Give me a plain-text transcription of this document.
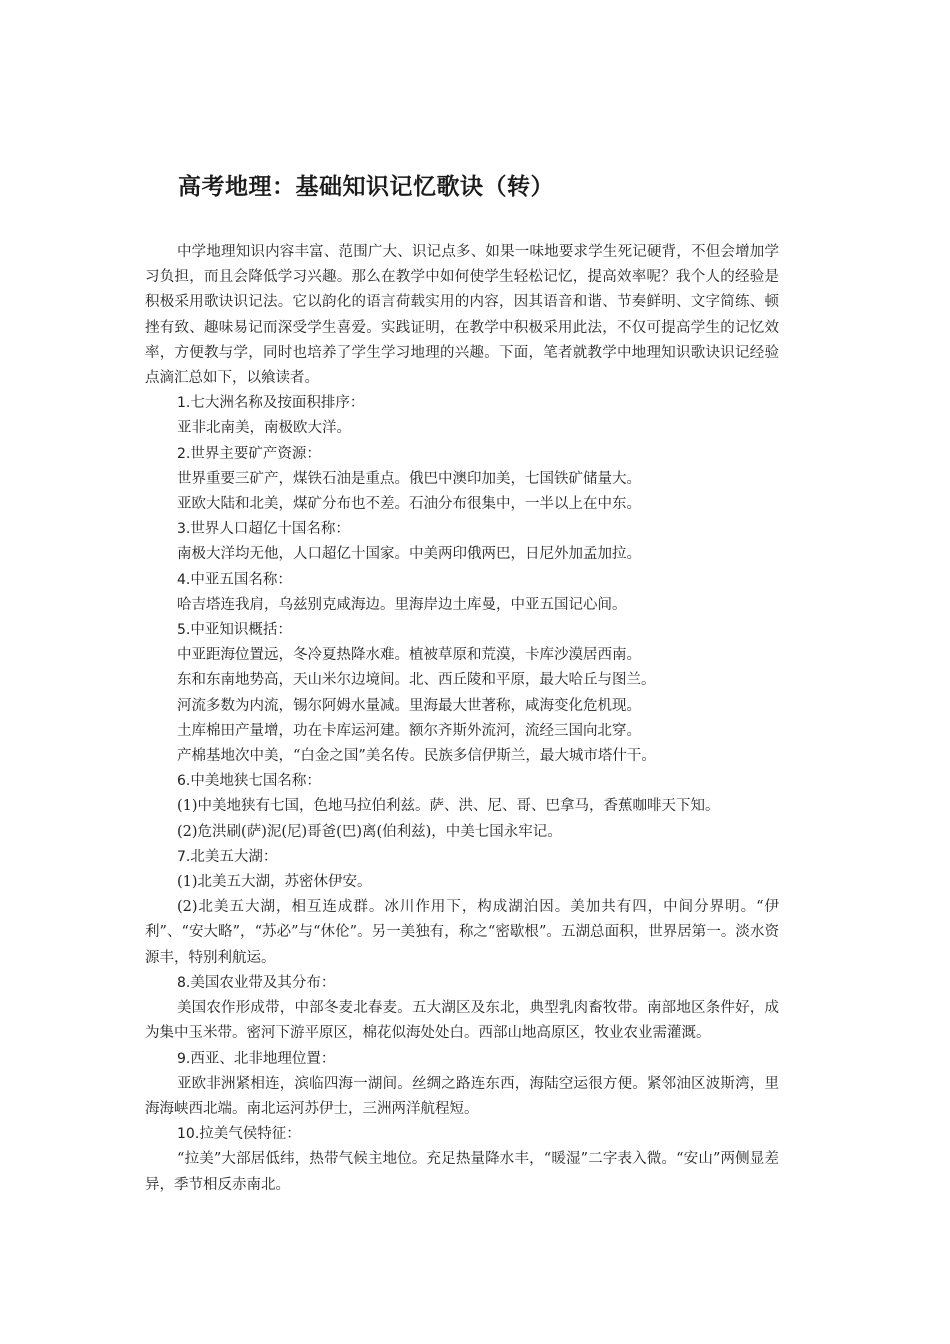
高考地理：基础知识记忆歌诀（转）

中学地理知识内容丰富、范围广大、识记点多、如果一味地要求学生死记硬背，不但会增加学习负担，而且会降低学习兴趣。那么在教学中如何使学生轻松记忆，提高效率呢？我个人的经验是积极采用歌诀识记法。它以韵化的语言荷载实用的内容，因其语音和谐、节奏鲜明、文字简练、顿挫有致、趣味易记而深受学生喜爱。实践证明，在教学中积极采用此法，不仅可提高学生的记忆效率，方便教与学，同时也培养了学生学习地理的兴趣。下面，笔者就教学中地理知识歌诀识记经验点滴汇总如下，以飨读者。

1.七大洲名称及按面积排序：

亚非北南美，南极欧大洋。

2.世界主要矿产资源：

世界重要三矿产，煤铁石油是重点。俄巴中澳印加美，七国铁矿储量大。

亚欧大陆和北美，煤矿分布也不差。石油分布很集中，一半以上在中东。

3.世界人口超亿十国名称：

南极大洋均无他，人口超亿十国家。中美两印俄两巴，日尼外加孟加拉。

4.中亚五国名称：

哈吉塔连我肩，乌兹别克咸海边。里海岸边土库曼，中亚五国记心间。

5.中亚知识概括：

中亚距海位置远，冬冷夏热降水难。植被草原和荒漠，卡库沙漠居西南。

东和东南地势高，天山米尔边境间。北、西丘陵和平原，最大哈丘与图兰。

河流多数为内流，锡尔阿姆水量减。里海最大世著称，咸海变化危机现。

土库棉田产量增，功在卡库运河建。额尔齐斯外流河，流经三国向北穿。

产棉基地次中美，“白金之国”美名传。民族多信伊斯兰，最大城市塔什干。

6.中美地狭七国名称：

(1)中美地狭有七国，色地马拉伯利兹。萨、洪、尼、哥、巴拿马，香蕉咖啡天下知。

(2)危洪刷(萨)泥(尼)哥爸(巴)离(伯利兹)，中美七国永牢记。

7.北美五大湖：

(1)北美五大湖，苏密休伊安。

(2)北美五大湖，相互连成群。冰川作用下，构成湖泊因。美加共有四，中间分界明。“伊利”、“安大略”，“苏必”与“休伦”。另一美独有，称之“密歇根”。五湖总面积，世界居第一。淡水资源丰，特别利航运。

8.美国农业带及其分布：

美国农作形成带，中部冬麦北春麦。五大湖区及东北，典型乳肉畜牧带。南部地区条件好，成为集中玉米带。密河下游平原区，棉花似海处处白。西部山地高原区，牧业农业需灌溉。

9.西亚、北非地理位置：

亚欧非洲紧相连，滨临四海一湖间。丝绸之路连东西，海陆空运很方便。紧邻油区波斯湾，里海海峡西北端。南北运河苏伊士，三洲两洋航程短。

10.拉美气侯特征：

“拉美”大部居低纬，热带气候主地位。充足热量降水丰，“暖湿”二字表入微。“安山”两侧显差异，季节相反赤南北。
